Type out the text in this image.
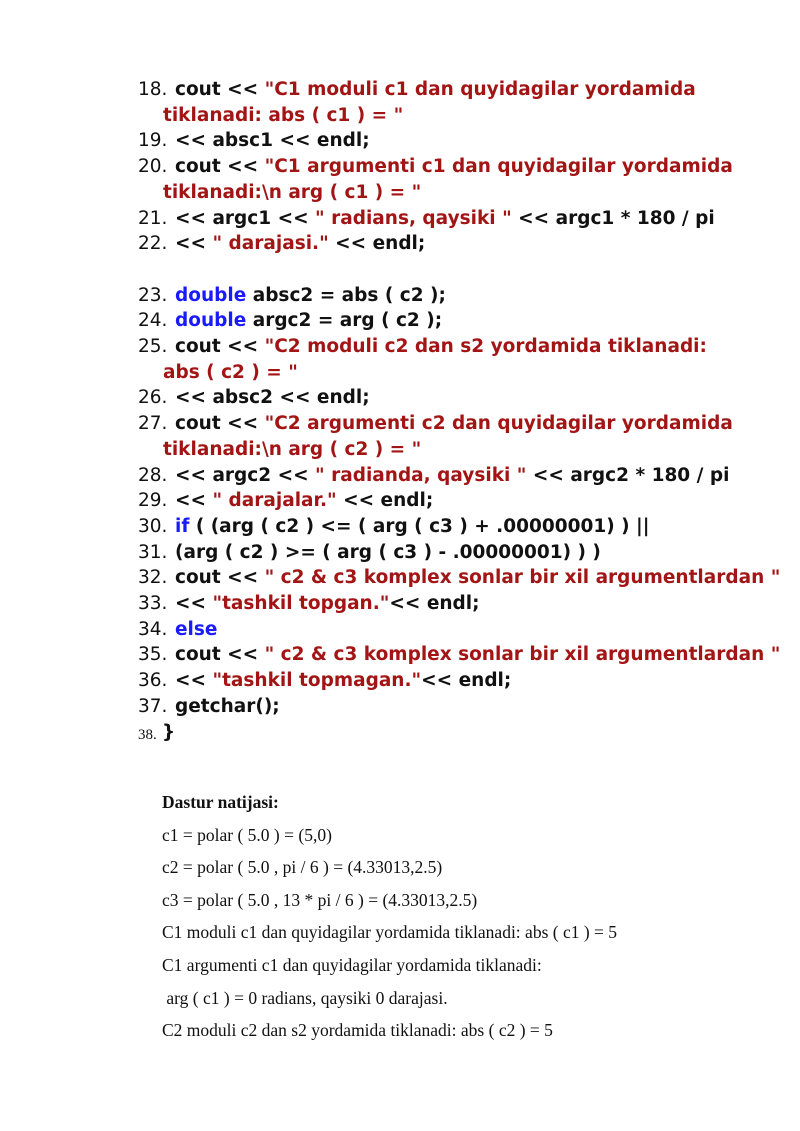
18. cout << "C1 moduli c1 dan quyidagilar yordamida tiklanadi: abs ( c1 ) = "
19. << absc1 << endl;
20. cout << "C1 argumenti c1 dan quyidagilar yordamida tiklanadi:\n arg ( c1 ) = "
21. << argc1 << " radians, qaysiki " << argc1 * 180 / pi
22. << " darajasi." << endl;
23. double absc2 = abs ( c2 );
24. double argc2 = arg ( c2 );
25. cout << "C2 moduli c2 dan s2 yordamida tiklanadi: abs ( c2 ) = "
26. << absc2 << endl;
27. cout << "C2 argumenti c2 dan quyidagilar yordamida tiklanadi:\n arg ( c2 ) = "
28. << argc2 << " radianda, qaysiki " << argc2 * 180 / pi
29. << " darajalar." << endl;
30. if ( (arg ( c2 ) <= ( arg ( c3 ) + .00000001) ) ||
31. (arg ( c2 ) >= ( arg ( c3 ) - .00000001) ) )
32. cout << " c2 & c3 komplex sonlar bir xil argumentlardan "
33. << "tashkil topgan."<< endl;
34. else
35. cout << " c2 & c3 komplex sonlar bir xil argumentlardan "
36. << "tashkil topmagan."<< endl;
37. getchar();
38. }
Dastur natijasi:
c1 = polar ( 5.0 ) = (5,0)
c2 = polar ( 5.0 , pi / 6 ) = (4.33013,2.5)
c3 = polar ( 5.0 , 13 * pi / 6 ) = (4.33013,2.5)
C1 moduli c1 dan quyidagilar yordamida tiklanadi: abs ( c1 ) = 5
C1 argumenti c1 dan quyidagilar yordamida tiklanadi:
arg ( c1 ) = 0 radians, qaysiki 0 darajasi.
C2 moduli c2 dan s2 yordamida tiklanadi: abs ( c2 ) = 5
